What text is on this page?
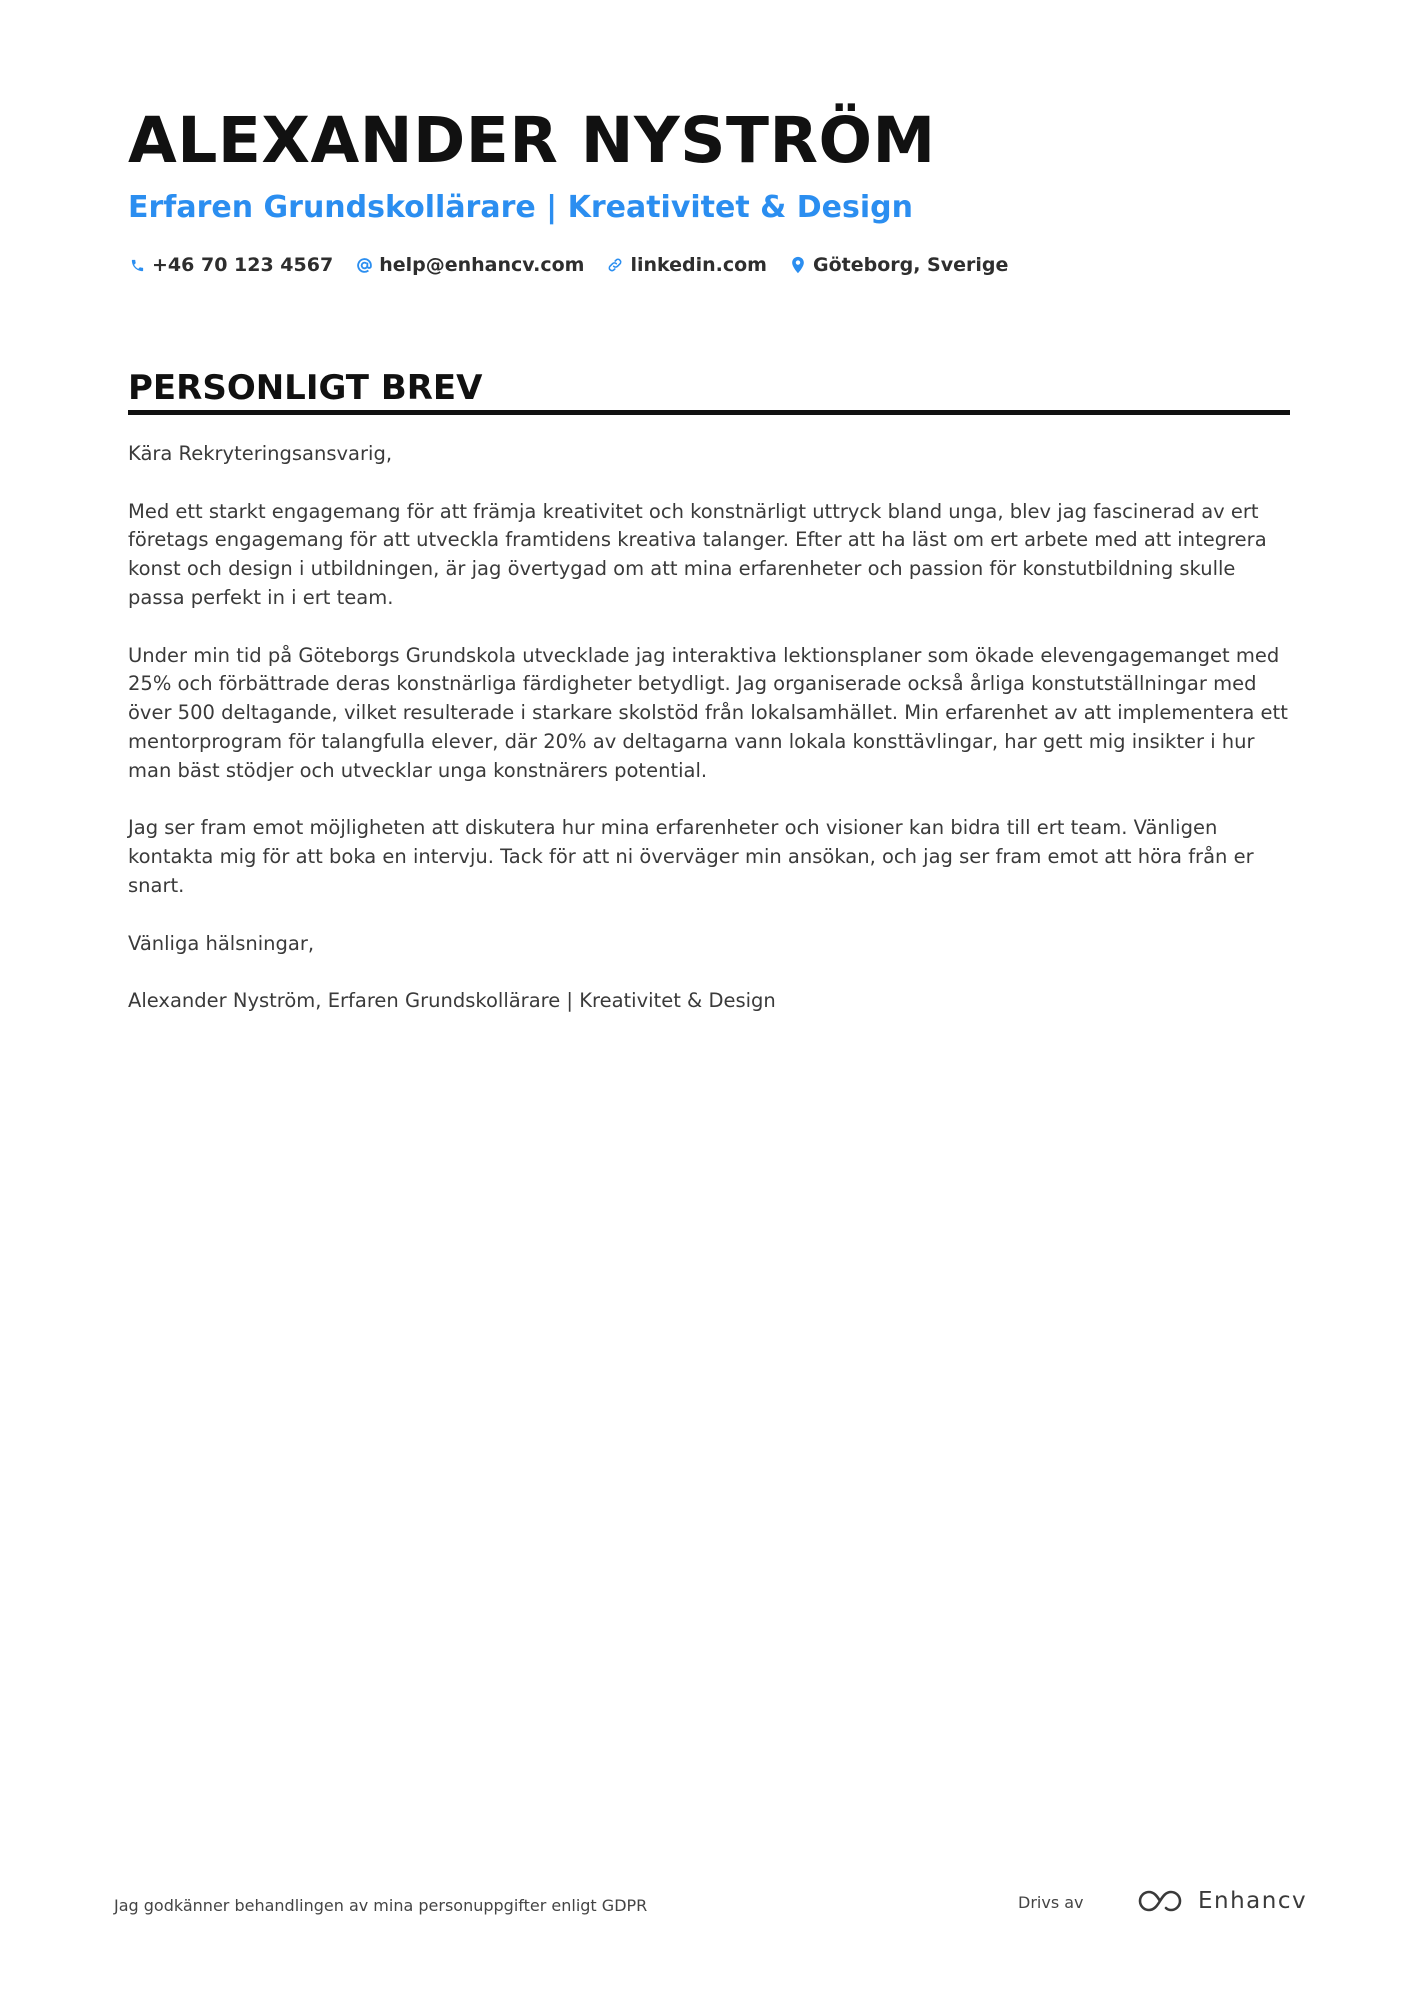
ALEXANDER NYSTRÖM
Erfaren Grundskollärare | Kreativitet & Design
+46 70 123 4567 help@enhancv.com linkedin.com Göteborg, Sverige
PERSONLIGT BREV

Kära Rekryteringsansvarig,

Med ett starkt engagemang för att främja kreativitet och konstnärligt uttryck bland unga, blev jag fascinerad av ert företags engagemang för att utveckla framtidens kreativa talanger. Efter att ha läst om ert arbete med att integrera konst och design i utbildningen, är jag övertygad om att mina erfarenheter och passion för konstutbildning skulle passa perfekt in i ert team.

Under min tid på Göteborgs Grundskola utvecklade jag interaktiva lektionsplaner som ökade elevengagemanget med 25% och förbättrade deras konstnärliga färdigheter betydligt. Jag organiserade också årliga konstutställningar med över 500 deltagande, vilket resulterade i starkare skolstöd från lokalsamhället. Min erfarenhet av att implementera ett mentorprogram för talangfulla elever, där 20% av deltagarna vann lokala konsttävlingar, har gett mig insikter i hur man bäst stödjer och utvecklar unga konstnärers potential.

Jag ser fram emot möjligheten att diskutera hur mina erfarenheter och visioner kan bidra till ert team. Vänligen kontakta mig för att boka en intervju. Tack för att ni överväger min ansökan, och jag ser fram emot att höra från er snart.

Vänliga hälsningar,

Alexander Nyström, Erfaren Grundskollärare | Kreativitet & Design

Jag godkänner behandlingen av mina personuppgifter enligt GDPR	Drivs av	Enhancv
